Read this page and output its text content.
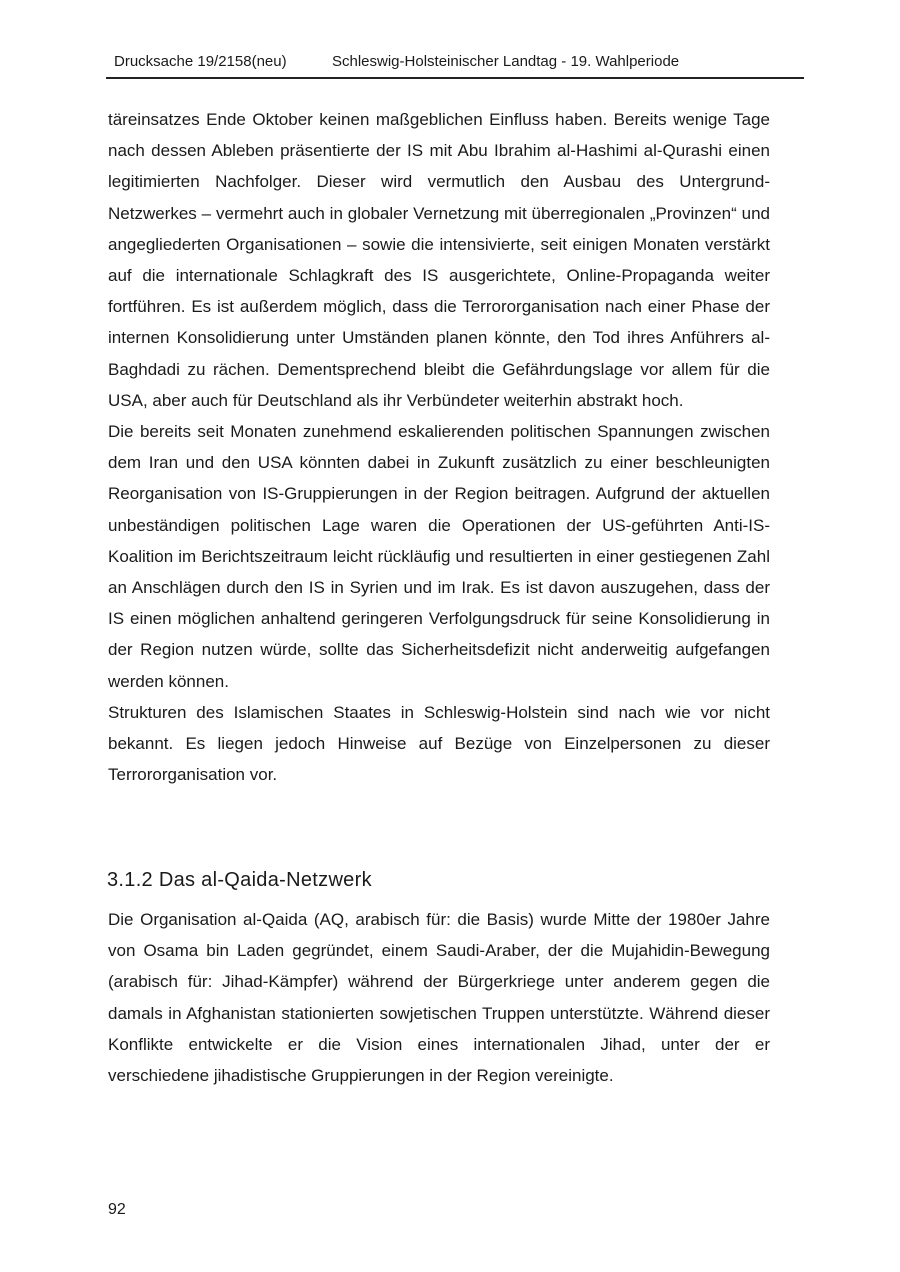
Drucksache 19/2158(neu)	Schleswig-Holsteinischer Landtag - 19. Wahlperiode

täreinsatzes Ende Oktober keinen maßgeblichen Einfluss haben. Bereits wenige Tage nach dessen Ableben präsentierte der IS mit Abu Ibrahim al-Hashimi al-Qurashi einen legitimierten Nachfolger. Dieser wird vermutlich den Ausbau des Untergrund-Netzwerkes – vermehrt auch in globaler Vernetzung mit überregionalen „Provinzen“ und angegliederten Organisationen – sowie die intensivierte, seit einigen Monaten verstärkt auf die internationale Schlagkraft des IS ausgerichtete, Online-Propaganda weiter fortführen. Es ist außerdem möglich, dass die Terrororganisation nach einer Phase der internen Konsolidierung unter Umständen planen könnte, den Tod ihres Anführers al-Baghdadi zu rächen. Dementsprechend bleibt die Gefährdungslage vor allem für die USA, aber auch für Deutschland als ihr Verbündeter weiterhin abstrakt hoch.

Die bereits seit Monaten zunehmend eskalierenden politischen Spannungen zwischen dem Iran und den USA könnten dabei in Zukunft zusätzlich zu einer beschleunigten Reorganisation von IS-Gruppierungen in der Region beitragen. Aufgrund der aktuellen unbeständigen politischen Lage waren die Operationen der US-geführten Anti-IS-Koalition im Berichtszeitraum leicht rückläufig und resultierten in einer gestiegenen Zahl an Anschlägen durch den IS in Syrien und im Irak. Es ist davon auszugehen, dass der IS einen möglichen anhaltend geringeren Verfolgungsdruck für seine Konsolidierung in der Region nutzen würde, sollte das Sicherheitsdefizit nicht anderweitig aufgefangen werden können.

Strukturen des Islamischen Staates in Schleswig-Holstein sind nach wie vor nicht bekannt. Es liegen jedoch Hinweise auf Bezüge von Einzelpersonen zu dieser Terrororganisation vor.

3.1.2 Das al-Qaida-Netzwerk

Die Organisation al-Qaida (AQ, arabisch für: die Basis) wurde Mitte der 1980er Jahre von Osama bin Laden gegründet, einem Saudi-Araber, der die Mujahidin-Bewegung (arabisch für: Jihad-Kämpfer) während der Bürgerkriege unter anderem gegen die damals in Afghanistan stationierten sowjetischen Truppen unterstützte. Während dieser Konflikte entwickelte er die Vision eines internationalen Jihad, unter der er verschiedene jihadistische Gruppierungen in der Region vereinigte.

92
